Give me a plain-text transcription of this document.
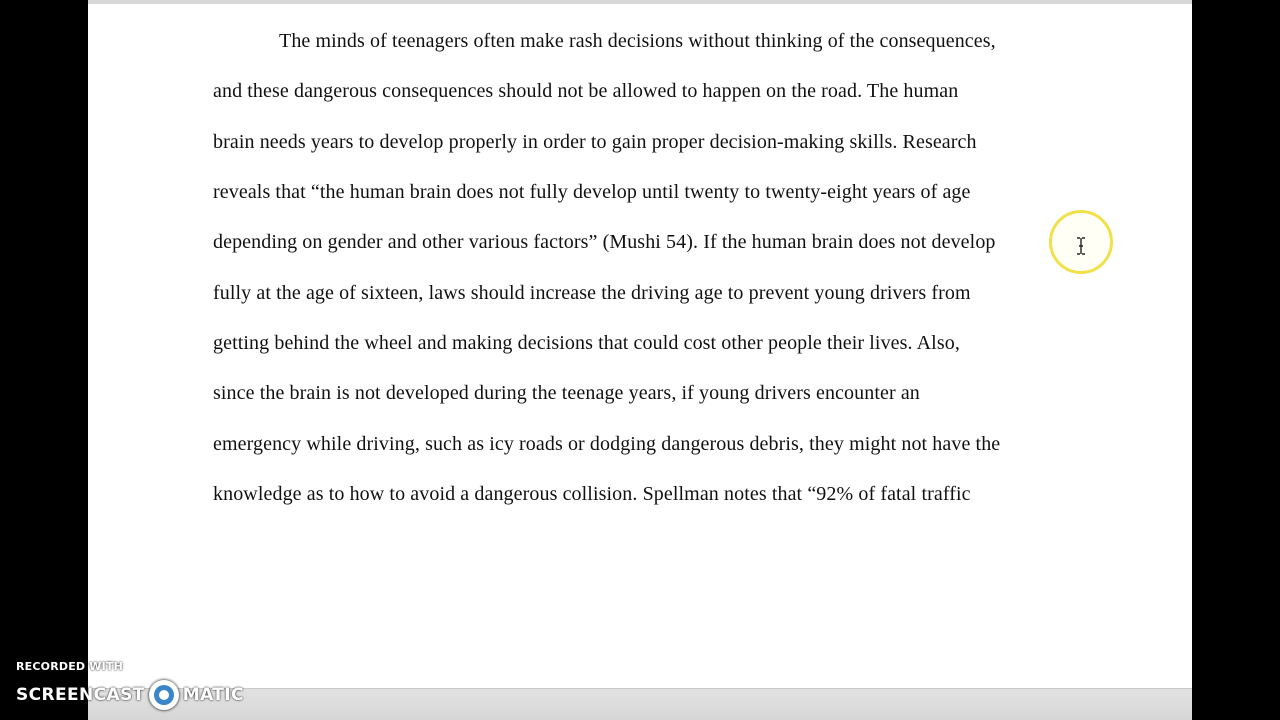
The minds of teenagers often make rash decisions without thinking of the consequences,
and these dangerous consequences should not be allowed to happen on the road. The human
brain needs years to develop properly in order to gain proper decision-making skills. Research
reveals that “the human brain does not fully develop until twenty to twenty-eight years of age
depending on gender and other various factors” (Mushi 54). If the human brain does not develop
fully at the age of sixteen, laws should increase the driving age to prevent young drivers from
getting behind the wheel and making decisions that could cost other people their lives. Also,
since the brain is not developed during the teenage years, if young drivers encounter an
emergency while driving, such as icy roads or dodging dangerous debris, they might not have the
knowledge as to how to avoid a dangerous collision. Spellman notes that “92% of fatal traffic
RECORDED WITH
SCREENCAST MATIC
